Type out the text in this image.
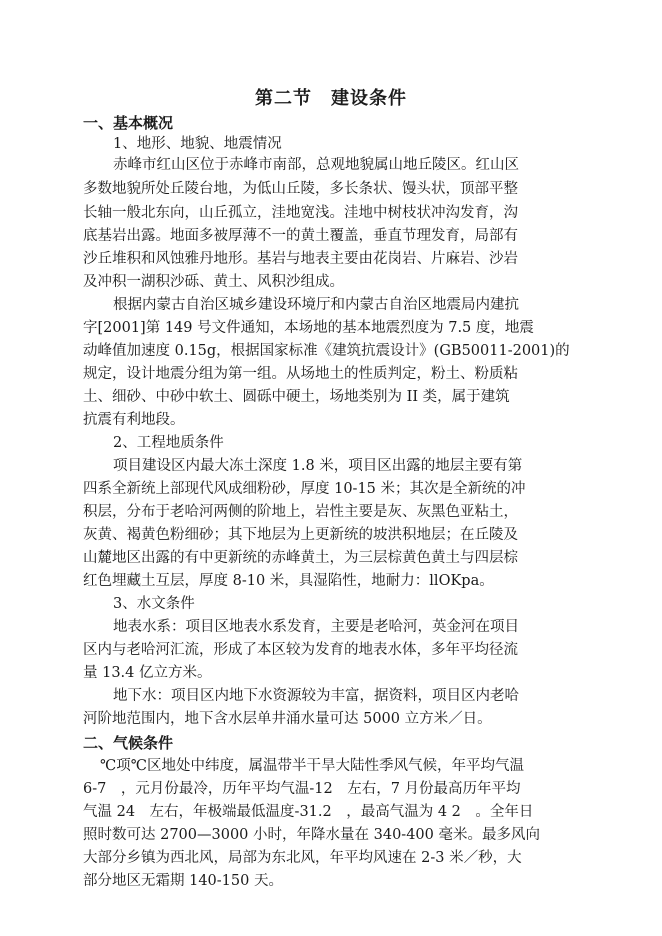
第二节　建设条件
一、基本概况
1、地形、地貌、地震情况
赤峰市红山区位于赤峰市南部，总观地貌属山地丘陵区。红山区
多数地貌所处丘陵台地，为低山丘陵，多长条状、馒头状，顶部平整
长轴一般北东向，山丘孤立，洼地宽浅。洼地中树枝状冲沟发育，沟
底基岩出露。地面多被厚薄不一的黄土覆盖，垂直节理发育，局部有
沙丘堆积和风蚀雅丹地形。基岩与地表主要由花岗岩、片麻岩、沙岩
及冲积一湖积沙砾、黄土、风积沙组成。
根据内蒙古自治区城乡建设环境厅和内蒙古自治区地震局内建抗
字[2001]第 149 号文件通知，本场地的基本地震烈度为 7.5 度，地震
动峰值加速度 0.15g，根据国家标准《建筑抗震设计》(GB50011-2001)的
规定，设计地震分组为第一组。从场地土的性质判定，粉土、粉质粘
土、细砂、中砂中软土、圆砾中硬土，场地类别为 II 类，属于建筑
抗震有利地段。
2、工程地质条件
项目建设区内最大冻土深度 1.8 米，项目区出露的地层主要有第
四系全新统上部现代风成细粉砂，厚度 10-15 米；其次是全新统的冲
积层，分布于老哈河两侧的阶地上，岩性主要是灰、灰黑色亚粘土，
灰黄、褐黄色粉细砂；其下地层为上更新统的坡洪积地层；在丘陵及
山麓地区出露的有中更新统的赤峰黄土，为三层棕黄色黄土与四层棕
红色埋藏土互层，厚度 8-10 米，具湿陷性，地耐力：llOKpa。
3、水文条件
地表水系：项目区地表水系发育，主要是老哈河，英金河在项目
区内与老哈河汇流，形成了本区较为发育的地表水体，多年平均径流
量 13.4 亿立方米。
地下水：项目区内地下水资源较为丰富，据资料，项目区内老哈
河阶地范围内，地下含水层单井涌水量可达 5000 立方米／日。
二、气候条件
℃项℃区地处中纬度，属温带半干旱大陆性季风气候，年平均气温
6-7　，元月份最冷，历年平均气温-12　左右，7 月份最高历年平均
气温 24　左右，年极端最低温度-31.2　，最高气温为 4 2　。全年日
照时数可达 2700—3000 小时，年降水量在 340-400 毫米。最多风向
大部分乡镇为西北风，局部为东北风，年平均风速在 2-3 米／秒，大
部分地区无霜期 140-150 天。
